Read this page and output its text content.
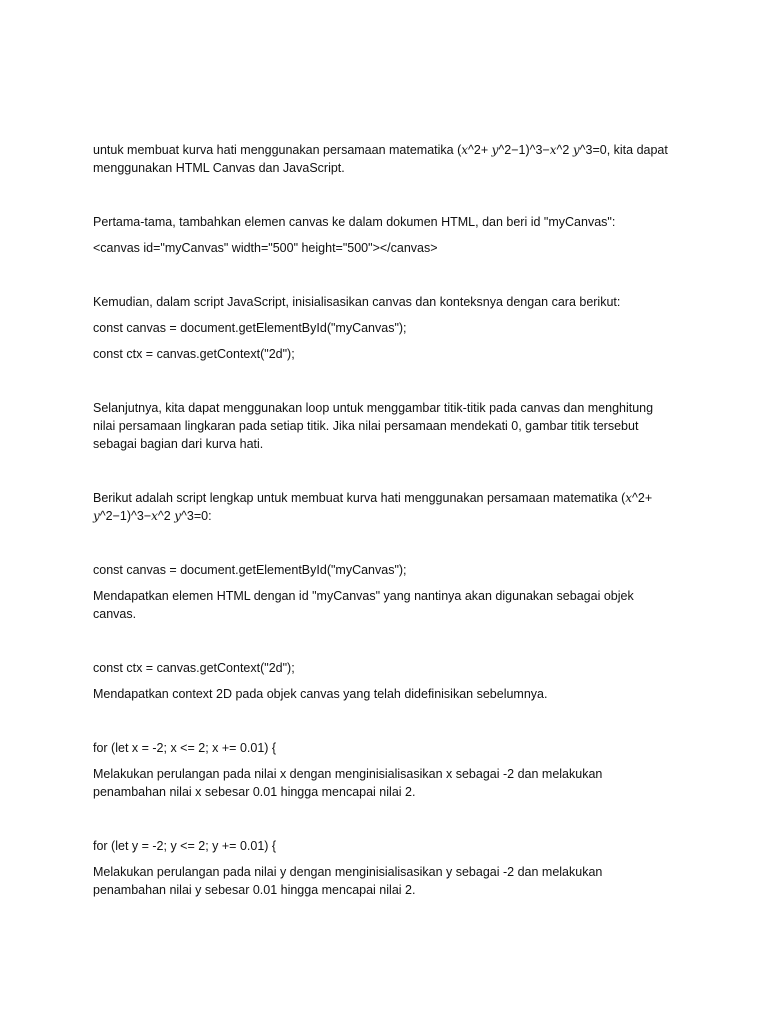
untuk membuat kurva hati menggunakan persamaan matematika (x^2+ y^2−1)^3−x^2 y^3=0, kita dapat menggunakan HTML Canvas dan JavaScript.

Pertama-tama, tambahkan elemen canvas ke dalam dokumen HTML, dan beri id "myCanvas":

<canvas id="myCanvas" width="500" height="500"></canvas>

Kemudian, dalam script JavaScript, inisialisasikan canvas dan konteksnya dengan cara berikut:

const canvas = document.getElementById("myCanvas");

const ctx = canvas.getContext("2d");

Selanjutnya, kita dapat menggunakan loop untuk menggambar titik-titik pada canvas dan menghitung nilai persamaan lingkaran pada setiap titik. Jika nilai persamaan mendekati 0, gambar titik tersebut sebagai bagian dari kurva hati.

Berikut adalah script lengkap untuk membuat kurva hati menggunakan persamaan matematika (x^2+ y^2−1)^3−x^2 y^3=0:

const canvas = document.getElementById("myCanvas");

Mendapatkan elemen HTML dengan id "myCanvas" yang nantinya akan digunakan sebagai objek canvas.

const ctx = canvas.getContext("2d");

Mendapatkan context 2D pada objek canvas yang telah didefinisikan sebelumnya.

for (let x = -2; x <= 2; x += 0.01) {

Melakukan perulangan pada nilai x dengan menginisialisasikan x sebagai -2 dan melakukan penambahan nilai x sebesar 0.01 hingga mencapai nilai 2.

for (let y = -2; y <= 2; y += 0.01) {

Melakukan perulangan pada nilai y dengan menginisialisasikan y sebagai -2 dan melakukan penambahan nilai y sebesar 0.01 hingga mencapai nilai 2.
